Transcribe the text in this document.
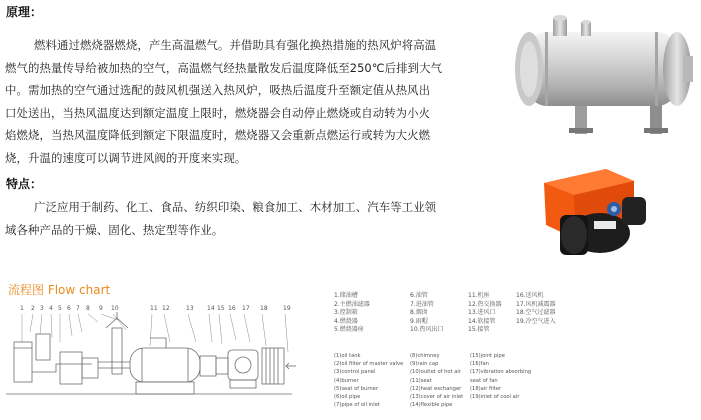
原理：
燃料通过燃烧器燃烧，产生高温燃气。并借助具有强化换热措施的热风炉将高温
燃气的热量传导给被加热的空气，高温燃气经热量散发后温度降低至250℃后排到大气
中。需加热的空气通过选配的鼓风机强送入热风炉，吸热后温度升至额定值从热风出
口处送出，当热风温度达到额定温度上限时，燃烧器会自动停止燃烧或自动转为小火
焰燃烧，当热风温度降低到额定下限温度时，燃烧器又会重新点燃运行或转为大火燃
烧，升温的速度可以调节进风阀的开度来实现。
特点：
广泛应用于制药、化工、食品、纺织印染、粮食加工、木材加工、汽车等工业领
域各种产品的干燥、固化、热定型等作业。
流程图 Flow chart
1 2 3 4 5 6 7 8 9 10	11 12	13 14 15 16 17 18	19
1.储油槽	6.油管	11.机座	16.送风机
2.主燃油滤器	7.进油管	12.热交换器 17.风机减震器
3.控制箱	8.烟囱	13.进风口	18.空气过滤器
4.燃烧器	9.雨帽	14.软接管	19.冷空气进入
5.燃烧器座	10.热风出口	15.接管
(1)oil tank	(8)chimney	(15)joint pipe
(2)oil filter of master valve (9)rain cap	(16)fan
(3)control panel	(10)outlet of hot air (17)vibration absorbing
(4)burner	(11)seat	seat of fan
(5)seat of burner	(12)heat exchanger (18)air filter
(6)oil pipe	(13)cover of air inlet (19)inlet of cool air
(7)pipe of oil inlet	(14)flexible pipe
